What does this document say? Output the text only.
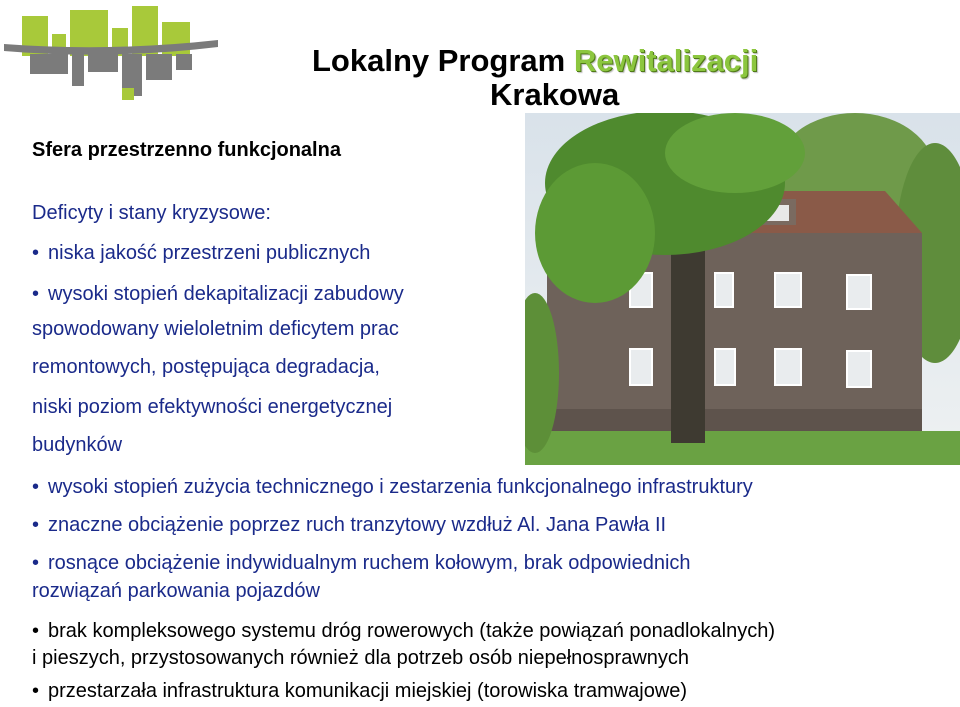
Lokalny Program Rewitalizacji
Krakowa
Sfera przestrzenno funkcjonalna
Deficyty i stany kryzysowe:
• niska jakość przestrzeni publicznych
• wysoki stopień dekapitalizacji zabudowy
spowodowany wieloletnim deficytem prac
remontowych, postępująca degradacja,
niski poziom efektywności energetycznej
budynków
• wysoki stopień zużycia technicznego i zestarzenia funkcjonalnego infrastruktury
• znaczne obciążenie poprzez ruch tranzytowy wzdłuż Al. Jana Pawła II
• rosnące obciążenie indywidualnym ruchem kołowym, brak odpowiednich
rozwiązań parkowania pojazdów
• brak kompleksowego systemu dróg rowerowych (także powiązań ponadlokalnych)
i pieszych, przystosowanych również dla potrzeb osób niepełnosprawnych
• przestarzała infrastruktura komunikacji miejskiej (torowiska tramwajowe)
